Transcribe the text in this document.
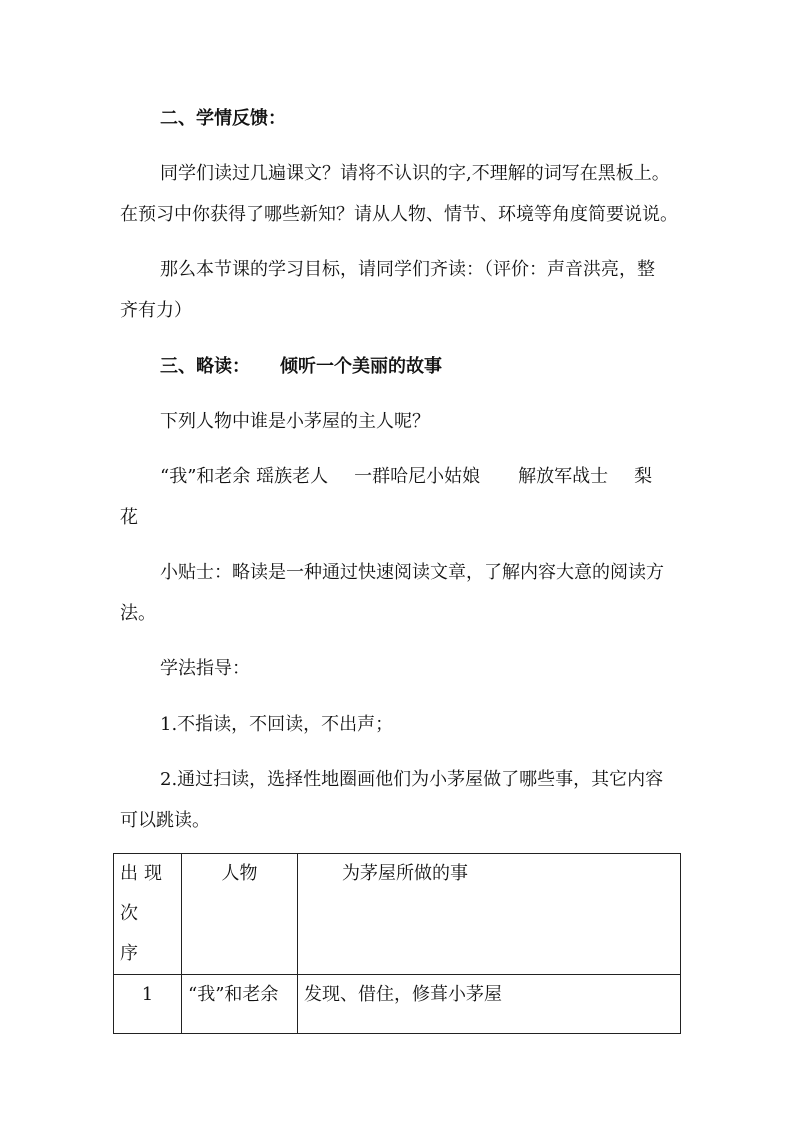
二、学情反馈：
同学们读过几遍课文？请将不认识的字,不理解的词写在黑板上。
在预习中你获得了哪些新知？请从人物、情节、环境等角度简要说说。
那么本节课的学习目标，请同学们齐读：（评价：声音洪亮，整
齐有力）
三、略读： 倾听一个美丽的故事
下列人物中谁是小茅屋的主人呢？
“我”和老余 瑶族老人 一群哈尼小姑娘 解放军战士 梨
花
小贴士：略读是一种通过快速阅读文章，了解内容大意的阅读方
法。
学法指导：
1.不指读，不回读，不出声；
2.通过扫读，选择性地圈画他们为小茅屋做了哪些事，其它内容
可以跳读。
出现次
序	人物	为茅屋所做的事
1	“我”和老余	发现、借住，修葺小茅屋
